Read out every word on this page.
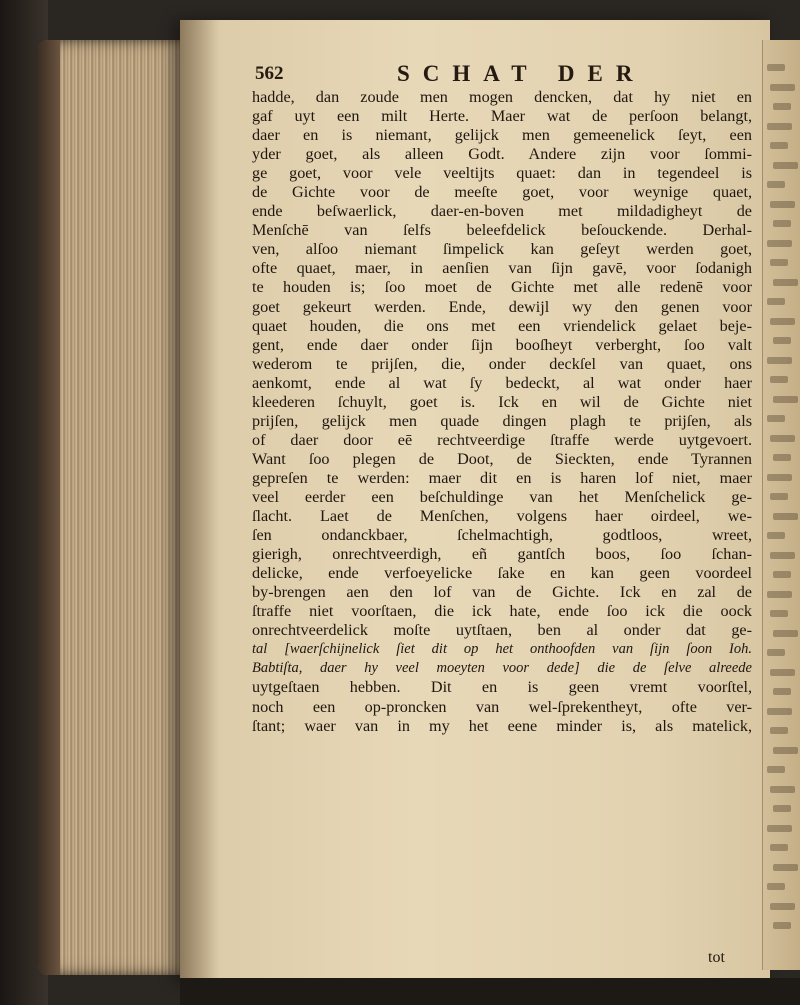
562	SCHAT DER
hadde, dan zoude men mogen dencken, dat hy niet en
gaf uyt een milt Herte. Maer wat de perſoon belangt,
daer en is niemant, gelijck men gemeenelick ſeyt, een
yder goet, als alleen Godt. Andere zijn voor ſommi-
ge goet, voor vele veeltijts quaet: dan in tegendeel is
de Gichte voor de meeſte goet, voor weynige quaet,
ende beſwaerlick, daer-en-boven met mildadigheyt de
Menſchē van ſelfs beleefdelick beſouckende. Derhal-
ven, alſoo niemant ſimpelick kan geſeyt werden goet,
ofte quaet, maer, in aenſien van ſijn gavē, voor ſodanigh
te houden is; ſoo moet de Gichte met alle redenē voor
goet gekeurt werden. Ende, dewijl wy den genen voor
quaet houden, die ons met een vriendelick gelaet beje-
gent, ende daer onder ſijn booſheyt verberght, ſoo valt
wederom te prijſen, die, onder deckſel van quaet, ons
aenkomt, ende al wat ſy bedeckt, al wat onder haer
kleederen ſchuylt, goet is. Ick en wil de Gichte niet
prijſen, gelijck men quade dingen plagh te prijſen, als
of daer door eē rechtveerdige ſtraffe werde uytgevoert.
Want ſoo plegen de Doot, de Sieckten, ende Tyrannen
gepreſen te werden: maer dit en is haren lof niet, maer
veel eerder een beſchuldinge van het Menſchelick ge-
ſlacht. Laet de Menſchen, volgens haer oirdeel, we-
ſen ondanckbaer, ſchelmachtigh, godtloos, wreet,
gierigh, onrechtveerdigh, eñ gantſch boos, ſoo ſchan-
delicke, ende verfoeyelicke ſake en kan geen voordeel
by-brengen aen den lof van de Gichte. Ick en zal de
ſtraffe niet voorſtaen, die ick hate, ende ſoo ick die oock
onrechtveerdelick moſte uytſtaen, ben al onder dat ge-
tal [waerſchijnelick ſiet dit op het onthoofden van ſijn ſoon Ioh.
Babtiſta, daer hy veel moeyten voor dede] die de ſelve alreede
uytgeſtaen hebben. Dit en is geen vremt voorſtel,
noch een op-proncken van wel-ſprekentheyt, ofte ver-
ſtant; waer van in my het eene minder is, als matelick,
tot
